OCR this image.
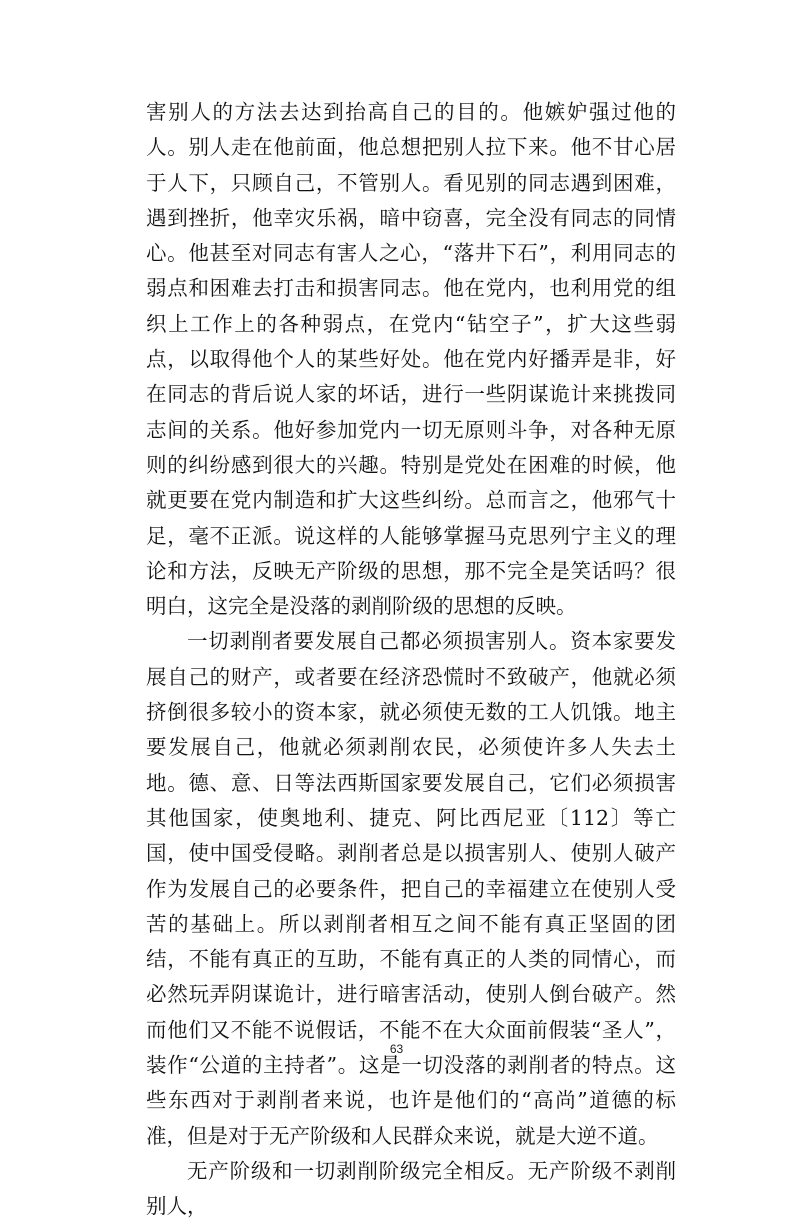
害别人的方法去达到抬高自己的目的。他嫉妒强过他的人。别人走在他前面，他总想把别人拉下来。他不甘心居于人下，只顾自己，不管别人。看见别的同志遇到困难，遇到挫折，他幸灾乐祸，暗中窃喜，完全没有同志的同情心。他甚至对同志有害人之心，“落井下石”，利用同志的弱点和困难去打击和损害同志。他在党内，也利用党的组织上工作上的各种弱点，在党内“钻空子”，扩大这些弱点，以取得他个人的某些好处。他在党内好播弄是非，好在同志的背后说人家的坏话，进行一些阴谋诡计来挑拨同志间的关系。他好参加党内一切无原则斗争，对各种无原则的纠纷感到很大的兴趣。特别是党处在困难的时候，他就更要在党内制造和扩大这些纠纷。总而言之，他邪气十足，毫不正派。说这样的人能够掌握马克思列宁主义的理论和方法，反映无产阶级的思想，那不完全是笑话吗？很明白，这完全是没落的剥削阶级的思想的反映。

一切剥削者要发展自己都必须损害别人。资本家要发展自己的财产，或者要在经济恐慌时不致破产，他就必须挤倒很多较小的资本家，就必须使无数的工人饥饿。地主要发展自己，他就必须剥削农民，必须使许多人失去土地。德、意、日等法西斯国家要发展自己，它们必须损害其他国家，使奥地利、捷克、阿比西尼亚〔112〕等亡国，使中国受侵略。剥削者总是以损害别人、使别人破产作为发展自己的必要条件，把自己的幸福建立在使别人受苦的基础上。所以剥削者相互之间不能有真正坚固的团结，不能有真正的互助，不能有真正的人类的同情心，而必然玩弄阴谋诡计，进行暗害活动，使别人倒台破产。然而他们又不能不说假话，不能不在大众面前假装“圣人”，装作“公道的主持者”。这是一切没落的剥削者的特点。这些东西对于剥削者来说，也许是他们的“高尚”道德的标准，但是对于无产阶级和人民群众来说，就是大逆不道。

无产阶级和一切剥削阶级完全相反。无产阶级不剥削别人，

63
